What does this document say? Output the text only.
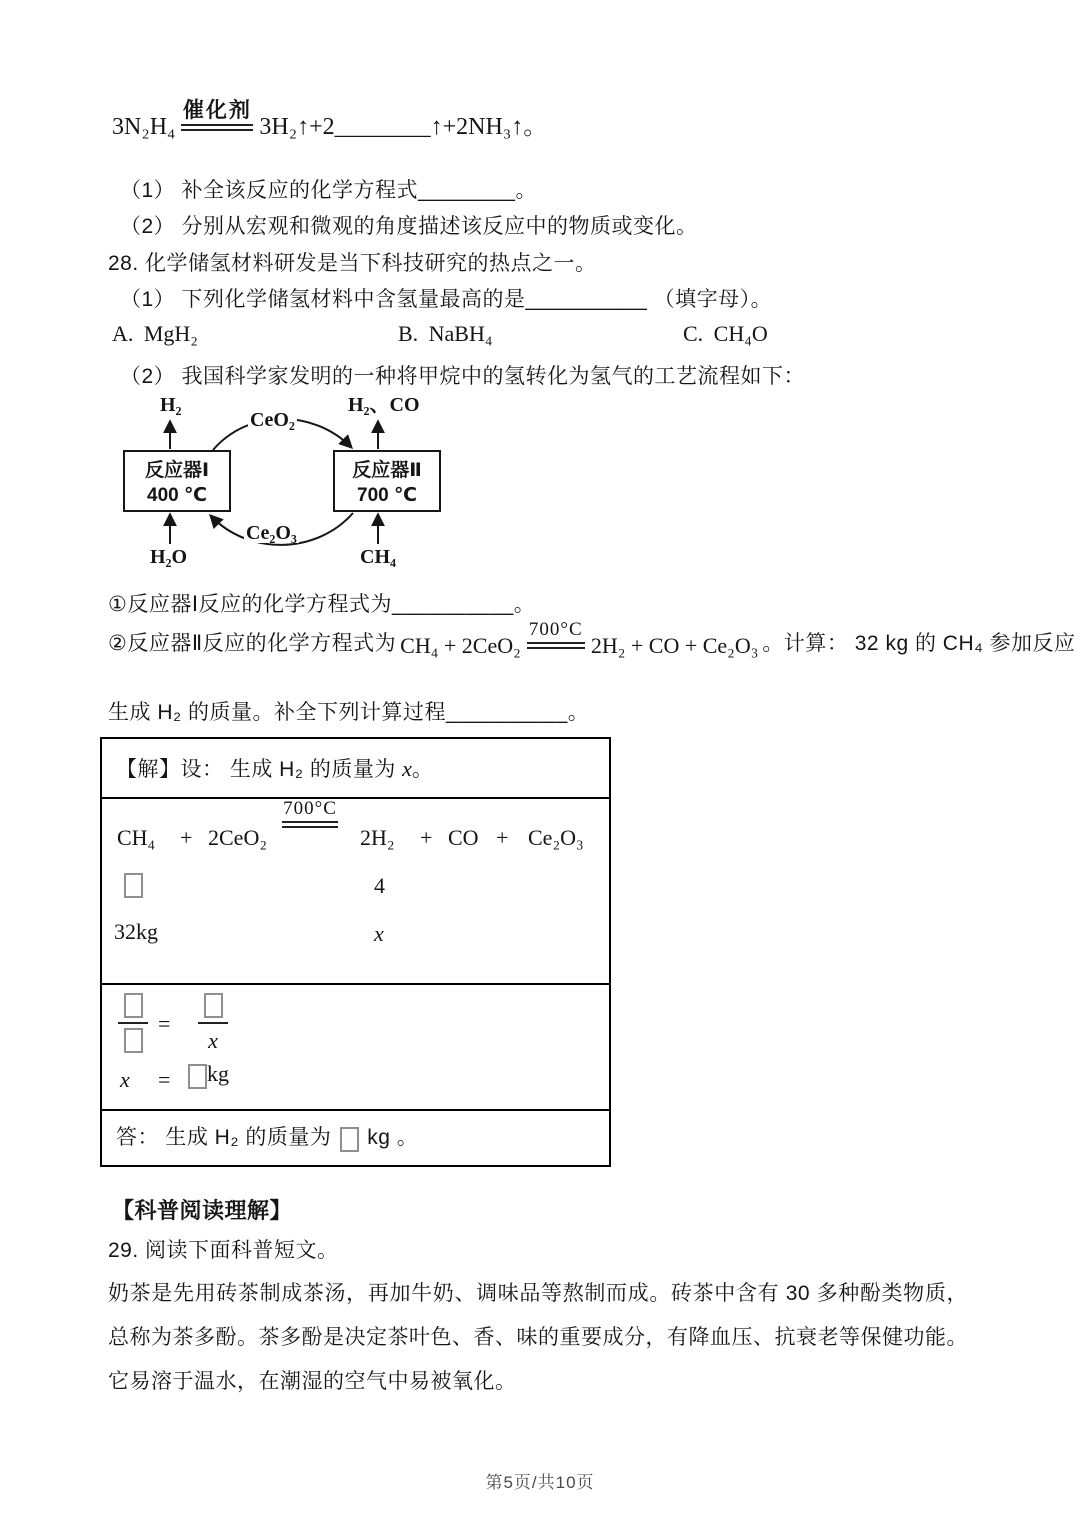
3N₂H₄
催化剂
3H₂↑+2 ________ ↑+2NH₃↑。
（1） 补全该反应的化学方程式________。
（2） 分别从宏观和微观的角度描述该反应中的物质或变化。
28. 化学储氢材料研发是当下科技研究的热点之一。
（1） 下列化学储氢材料中含氢量最高的是__________ （填字母）。
A. MgH₂	B. NaBH₄	C. CH₄O
（2） 我国科学家发明的一种将甲烷中的氢转化为氢气的工艺流程如下：
H₂	H₂、CO
CeO₂
Ce₂O₃
H₂O	CH₄
反应器Ⅰ
400 ℃
反应器Ⅱ
700 ℃
①反应器Ⅰ反应的化学方程式为__________。
②反应器Ⅱ反应的化学方程式为 CH₄ + 2CeO₂
700°C
2H₂ + CO + Ce₂O₃ 。计算： 32 kg 的 CH₄ 参加反应
生成 H₂ 的质量。补全下列计算过程__________。
【解】设： 生成 H₂ 的质量为 x。
CH₄ + 2CeO₂
700°C
2H₂ + CO + Ce₂O₃
4
32kg	x
=
x
x =	kg
答： 生成 H₂ 的质量为 kg 。
【科普阅读理解】
29. 阅读下面科普短文。
奶茶是先用砖茶制成茶汤，再加牛奶、调味品等熬制而成。砖茶中含有 30 多种酚类物质，总称为茶多酚。茶多酚是决定茶叶色、香、味的重要成分，有降血压、抗衰老等保健功能。它易溶于温水，在潮湿的空气中易被氧化。
第5页/共10页
